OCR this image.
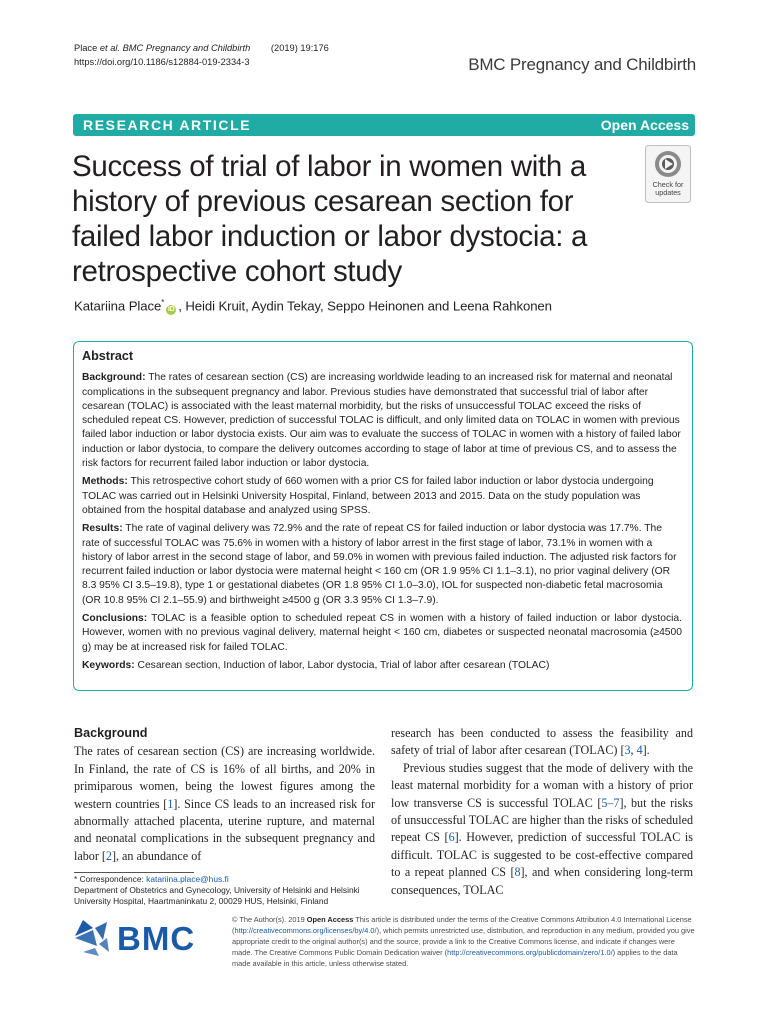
Place et al. BMC Pregnancy and Childbirth (2019) 19:176
https://doi.org/10.1186/s12884-019-2334-3	BMC Pregnancy and Childbirth
RESEARCH ARTICLE	Open Access
Success of trial of labor in women with a history of previous cesarean section for failed labor induction or labor dystocia: a retrospective cohort study
Check for
updates
Katariina Place*iD , Heidi Kruit, Aydin Tekay, Seppo Heinonen and Leena Rahkonen
Abstract

Background: The rates of cesarean section (CS) are increasing worldwide leading to an increased risk for maternal and neonatal complications in the subsequent pregnancy and labor. Previous studies have demonstrated that successful trial of labor after cesarean (TOLAC) is associated with the least maternal morbidity, but the risks of unsuccessful TOLAC exceed the risks of scheduled repeat CS. However, prediction of successful TOLAC is difficult, and only limited data on TOLAC in women with previous failed labor induction or labor dystocia exists. Our aim was to evaluate the success of TOLAC in women with a history of failed labor induction or labor dystocia, to compare the delivery outcomes according to stage of labor at time of previous CS, and to assess the risk factors for recurrent failed labor induction or labor dystocia.

Methods: This retrospective cohort study of 660 women with a prior CS for failed labor induction or labor dystocia undergoing TOLAC was carried out in Helsinki University Hospital, Finland, between 2013 and 2015. Data on the study population was obtained from the hospital database and analyzed using SPSS.

Results: The rate of vaginal delivery was 72.9% and the rate of repeat CS for failed induction or labor dystocia was 17.7%. The rate of successful TOLAC was 75.6% in women with a history of labor arrest in the first stage of labor, 73.1% in women with a history of labor arrest in the second stage of labor, and 59.0% in women with previous failed induction. The adjusted risk factors for recurrent failed induction or labor dystocia were maternal height < 160 cm (OR 1.9 95% CI 1.1–3.1), no prior vaginal delivery (OR 8.3 95% CI 3.5–19.8), type 1 or gestational diabetes (OR 1.8 95% CI 1.0–3.0), IOL for suspected non-diabetic fetal macrosomia (OR 10.8 95% CI 2.1–55.9) and birthweight ≥4500 g (OR 3.3 95% CI 1.3–7.9).

Conclusions: TOLAC is a feasible option to scheduled repeat CS in women with a history of failed induction or labor dystocia. However, women with no previous vaginal delivery, maternal height < 160 cm, diabetes or suspected neonatal macrosomia (≥4500 g) may be at increased risk for failed TOLAC.

Keywords: Cesarean section, Induction of labor, Labor dystocia, Trial of labor after cesarean (TOLAC)

Background

The rates of cesarean section (CS) are increasing worldwide. In Finland, the rate of CS is 16% of all births, and 20% in primiparous women, being the lowest figures among the western countries [1]. Since CS leads to an increased risk for abnormally attached placenta, uterine rupture, and maternal and neonatal complications in the subsequent pregnancy and labor [2], an abundance of

research has been conducted to assess the feasibility and safety of trial of labor after cesarean (TOLAC) [3, 4].

Previous studies suggest that the mode of delivery with the least maternal morbidity for a woman with a history of prior low transverse CS is successful TOLAC [5–7], but the risks of unsuccessful TOLAC are higher than the risks of scheduled repeat CS [6]. However, prediction of successful TOLAC is difficult. TOLAC is suggested to be cost-effective compared to a repeat planned CS [8], and when considering long-term consequences, TOLAC

* Correspondence: katariina.place@hus.fi
Department of Obstetrics and Gynecology, University of Helsinki and Helsinki University Hospital, Haartmaninkatu 2, 00029 HUS, Helsinki, Finland
BMC
© The Author(s). 2019 Open Access This article is distributed under the terms of the Creative Commons Attribution 4.0 International License (http://creativecommons.org/licenses/by/4.0/), which permits unrestricted use, distribution, and reproduction in any medium, provided you give appropriate credit to the original author(s) and the source, provide a link to the Creative Commons license, and indicate if changes were made. The Creative Commons Public Domain Dedication waiver (http://creativecommons.org/publicdomain/zero/1.0/) applies to the data made available in this article, unless otherwise stated.
